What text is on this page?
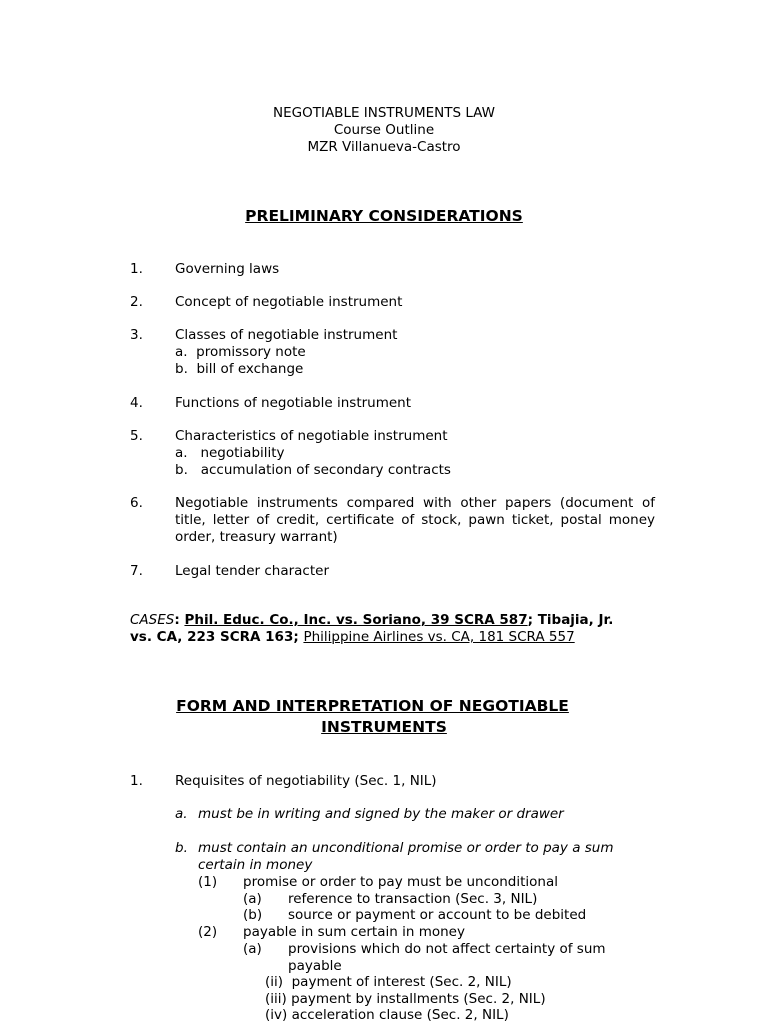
NEGOTIABLE INSTRUMENTS LAW
Course Outline
MZR Villanueva-Castro
PRELIMINARY CONSIDERATIONS
1. Governing laws
2. Concept of negotiable instrument
3. Classes of negotiable instrument
a.  promissory note
b.  bill of exchange
4. Functions of negotiable instrument
5. Characteristics of negotiable instrument
a.   negotiability
b.   accumulation of secondary contracts
6. Negotiable instruments compared with other papers (document of title, letter of credit, certificate of stock, pawn ticket, postal money order, treasury warrant)
7. Legal tender character
CASES: Phil. Educ. Co., Inc. vs. Soriano, 39 SCRA 587; Tibajia, Jr.
vs. CA, 223 SCRA 163; Philippine Airlines vs. CA, 181 SCRA 557
FORM AND INTERPRETATION OF NEGOTIABLE
INSTRUMENTS
1. Requisites of negotiability (Sec. 1, NIL)
a. must be in writing and signed by the maker or drawer
b. must contain an unconditional promise or order to pay a sum
certain in money
(1) promise or order to pay must be unconditional
(a) reference to transaction (Sec. 3, NIL)
(b) source or payment or account to be debited
(2) payable in sum certain in money
(a) provisions which do not affect certainty of sum
payable
(ii)  payment of interest (Sec. 2, NIL)
(iii) payment by installments (Sec. 2, NIL)
(iv) acceleration clause (Sec. 2, NIL)
